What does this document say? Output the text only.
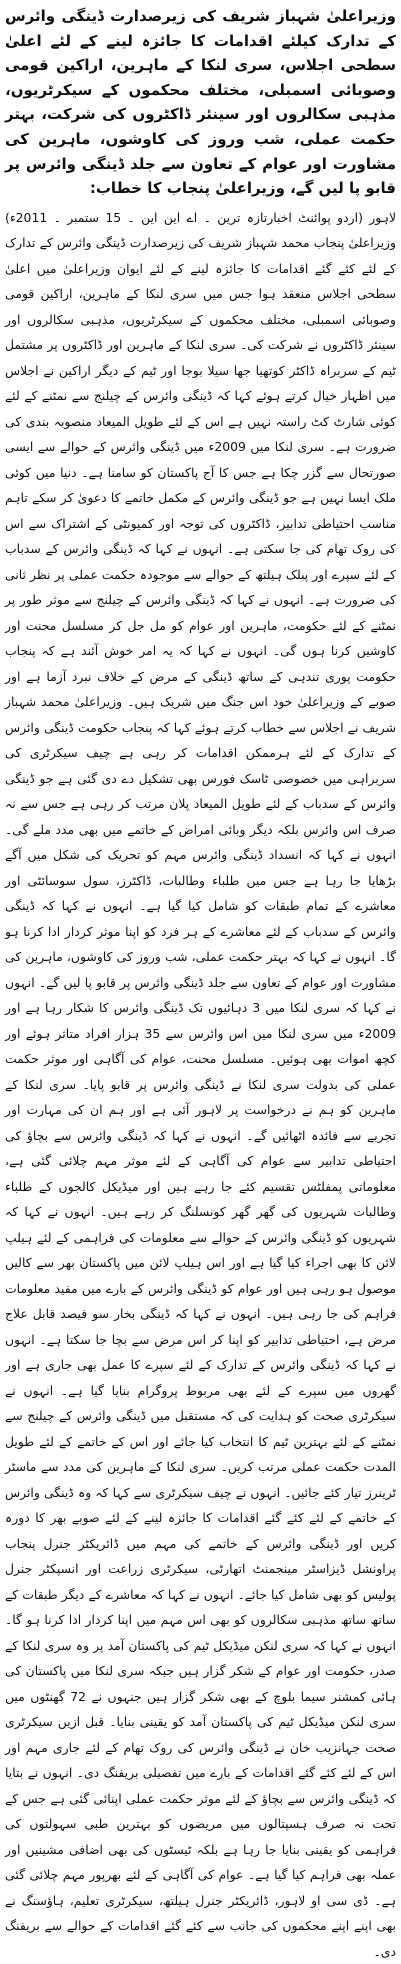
وزیراعلیٰ شہباز شریف کی زیرصدارت ڈینگی وائرس کے تدارک کیلئے اقدامات کا جائزہ لینے کے لئے اعلیٰ سطحی اجلاس، سری لنکا کے ماہرین، اراکین قومی وصوبائی اسمبلی، مختلف محکموں کے سیکرٹریوں، مذہبی سکالروں اور سینئر ڈاکٹروں کی شرکت، بہتر حکمت عملی، شب وروز کی کاوشوں، ماہرین کی مشاورت اور عوام کے تعاون سے جلد ڈینگی وائرس پر قابو پا لیں گے، وزیراعلیٰ پنجاب کا خطاب:

لاہور (اردو پوائنٹ اخبارتازہ ترین ۔ اے این این ۔ 15 ستمبر ۔ 2011ء) وزیراعلیٰ پنجاب محمد شہباز شریف کی زیرصدارت ڈینگی وائرس کے تدارک کے لئے کئے گئے اقدامات کا جائزہ لینے کے لئے ایوان وزیراعلیٰ میں اعلیٰ سطحی اجلاس منعقد ہوا جس میں سری لنکا کے ماہرین، اراکین قومی وصوبائی اسمبلی، مختلف محکموں کے سیکرٹریوں، مذہبی سکالروں اور سینئر ڈاکٹروں نے شرکت کی۔ سری لنکا کے ماہرین اور ڈاکٹروں پر مشتمل ٹیم کے سربراہ ڈاکٹر کوتھیا جھا سیلا بوجا اور ٹیم کے دیگر اراکین نے اجلاس میں اظہار خیال کرتے ہوئے کہا کہ ڈینگی وائرس کے چیلنج سے نمٹنے کے لئے کوئی شارٹ کٹ راستہ نہیں ہے اس کے لئے طویل المیعاد منصوبہ بندی کی ضرورت ہے۔ سری لنکا میں 2009ء میں ڈینگی وائرس کے حوالے سے ایسی صورتحال سے گزر چکا ہے جس کا آج پاکستان کو سامنا ہے۔ دنیا میں کوئی ملک ایسا نہیں ہے جو ڈینگی وائرس کے مکمل خاتمے کا دعویٰ کر سکے تاہم مناسب احتیاطی تدابیر، ڈاکٹروں کی توجہ اور کمیونٹی کے اشتراک سے اس کی روک تھام کی جا سکتی ہے۔ انہوں نے کہا کہ ڈینگی وائرس کے سدباب کے لئے سپرے اور پبلک ہیلتھ کے حوالے سے موجودہ حکمت عملی پر نظر ثانی کی ضرورت ہے۔ انہوں نے کہا کہ ڈینگی وائرس کے چیلنج سے موثر طور پر نمٹنے کے لئے حکومت، ماہرین اور عوام کو مل جل کر مسلسل محنت اور کاوشیں کرنا ہوں گی۔ انہوں نے کہا کہ یہ امر خوش آئند ہے کہ پنجاب حکومت پوری تندہی کے ساتھ ڈینگی کے مرض کے خلاف نبرد آزما ہے اور صوبے کے وزیراعلیٰ خود اس جنگ میں شریک ہیں۔ وزیراعلیٰ محمد شہباز شریف نے اجلاس سے خطاب کرتے ہوئے کہا کہ پنجاب حکومت ڈینگی وائرس کے تدارک کے لئے ہرممکن اقدامات کر رہی ہے چیف سیکرٹری کی سربراہی میں خصوصی ٹاسک فورس بھی تشکیل دے دی گئی ہے جو ڈینگی وائرس کے سدباب کے لئے طویل المیعاد پلان مرتب کر رہی ہے جس سے نہ صرف اس وائرس بلکہ دیگر وبائی امراض کے خاتمے میں بھی مدد ملے گی۔ انہوں نے کہا کہ انسداد ڈینگی وائرس مہم کو تحریک کی شکل میں آگے بڑھایا جا رہا ہے جس میں طلباء وطالبات، ڈاکٹرز، سول سوسائٹی اور معاشرے کے تمام طبقات کو شامل کیا گیا ہے۔ انہوں نے کہا کہ ڈینگی وائرس کے سدباب کے لئے معاشرے کے ہر فرد کو اپنا موثر کردار ادا کرنا ہو گا۔ انہوں نے کہا کہ بہتر حکمت عملی، شب وروز کی کاوشوں، ماہرین کی مشاورت اور عوام کے تعاون سے جلد ڈینگی وائرس پر قابو پا لیں گے۔ انہوں نے کہا کہ سری لنکا میں 3 دہائیوں تک ڈینگی وائرس کا شکار رہا ہے اور 2009ء میں سری لنکا میں اس وائرس سے 35 ہزار افراد متاثر ہوئے اور کچھ اموات بھی ہوئیں۔ مسلسل محنت، عوام کی آگاہی اور موثر حکمت عملی کی بدولت سری لنکا نے ڈینگی وائرس پر قابو پایا۔ سری لنکا کے ماہرین کو ہم نے درخواست پر لاہور آئی ہے اور ہم ان کی مہارت اور تجربے سے فائدہ اٹھائیں گے۔ انہوں نے کہا کہ ڈینگی وائرس سے بچاؤ کی احتیاطی تدابیر سے عوام کی آگاہی کے لئے موثر مہم چلائی گئی ہے، معلوماتی پمفلٹس تقسیم کئے جا رہے ہیں اور میڈیکل کالجوں کے طلباء وطالبات شہریوں کی گھر گھر کونسلنگ کر رہے ہیں۔ انہوں نے کہا کہ شہریوں کو ڈینگی وائرس کے حوالے سے معلومات کی فراہمی کے لئے ہیلپ لائن کا بھی اجراء کیا گیا ہے اور اس ہیلپ لائن میں پاکستان بھر سے کالیں موصول ہو رہی ہیں اور عوام کو ڈینگی وائرس کے بارے میں مفید معلومات فراہم کی جا رہی ہیں۔ انہوں نے کہا کہ ڈینگی بخار سو فیصد قابل علاج مرض ہے، احتیاطی تدابیر کو اپنا کر اس مرض سے بچا جا سکتا ہے۔ انہوں نے کہا کہ ڈینگی وائرس کے تدارک کے لئے سپرے کا عمل بھی جاری ہے اور گھروں میں سپرے کے لئے بھی مربوط پروگرام بنایا گیا ہے۔ انہوں نے سیکرٹری صحت کو ہدایت کی کہ مستقبل میں ڈینگی وائرس کے چیلنج سے نمٹنے کے لئے بہترین ٹیم کا انتخاب کیا جائے اور اس کے خاتمے کے لئے طویل المدت حکمت عملی مرتب کریں۔ سری لنکا کے ماہرین کی مدد سے ماسٹر ٹرینرز تیار کئے جائیں۔ انہوں نے چیف سیکرٹری سے کہا کہ وہ ڈینگی وائرس کے خاتمے کے لئے کئے گئے اقدامات کا جائزہ لینے کے لئے صوبے بھر کا دورہ کریں اور ڈینگی وائرس کے خاتمے کی مہم میں ڈائریکٹر جنرل پنجاب پراونشل ڈیزاسٹر مینجمنٹ اتھارٹی، سیکرٹری زراعت اور انسپکٹر جنرل پولیس کو بھی شامل کیا جائے۔ انہوں نے کہا کہ معاشرے کے دیگر طبقات کے ساتھ ساتھ مذہبی سکالروں کو بھی اس مہم میں اپنا کردار ادا کرنا ہو گا۔ انہوں نے کہا کہ سری لنکن میڈیکل ٹیم کی پاکستان آمد پر وہ سری لنکا کے صدر، حکومت اور عوام کے شکر گزار ہیں جبکہ سری لنکا میں پاکستان کی ہائی کمشنر سیما بلوچ کے بھی شکر گزار ہیں جنہوں نے 72 گھنٹوں میں سری لنکن میڈیکل ٹیم کی پاکستان آمد کو یقینی بنایا۔ قبل ازیں سیکرٹری صحت جہانزیب خان نے ڈینگی وائرس کی روک تھام کے لئے جاری مہم اور اس کے لئے کئے گئے اقدامات کے بارے میں تفصیلی بریفنگ دی۔ انہوں نے بتایا کہ ڈینگی وائرس سے بچاؤ کے لئے موثر حکمت عملی اپنائی گئی ہے جس کے تحت نہ صرف ہسپتالوں میں مریضوں کو بہترین طبی سہولتوں کی فراہمی کو یقینی بنایا جا رہا ہے بلکہ ٹیسٹوں کی بھی اضافی مشینیں اور عملہ بھی فراہم کیا گیا ہے۔ عوام کی آگاہی کے لئے بھرپور مہم چلائی گئی ہے۔ ڈی سی او لاہور، ڈائریکٹر جنرل ہیلتھ، سیکرٹری تعلیم، ہاؤسنگ نے بھی اپنے اپنے محکموں کی جانب سے کئے گئے اقدامات کے حوالے سے بریفنگ دی۔
